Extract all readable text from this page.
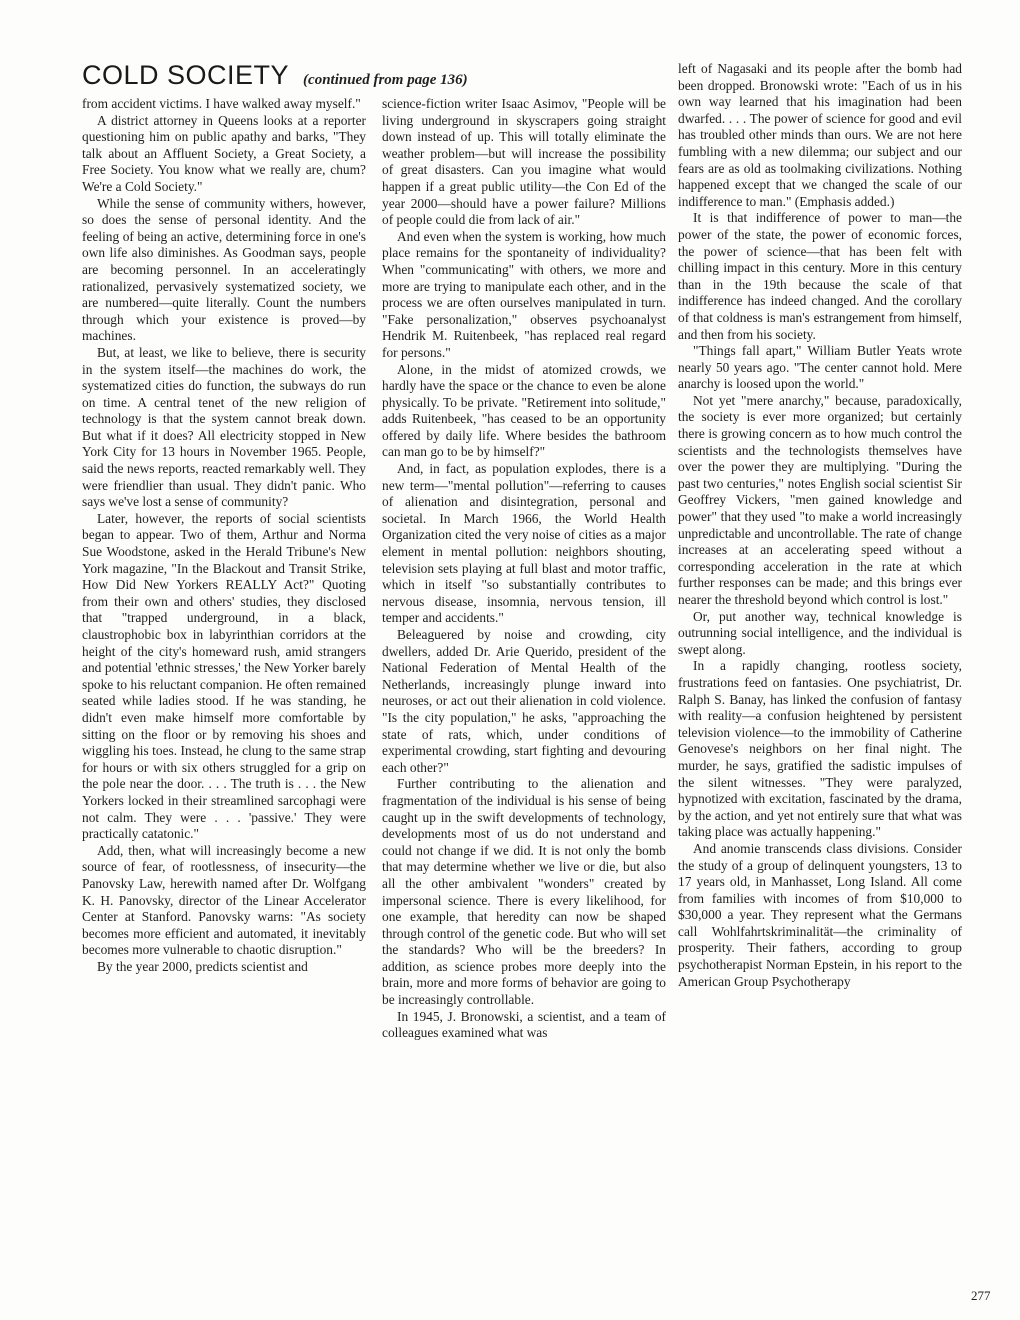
COLD SOCIETY (continued from page 136)

from accident victims. I have walked away myself."

A district attorney in Queens looks at a reporter questioning him on public apathy and barks, "They talk about an Affluent Society, a Great Society, a Free Society. You know what we really are, chum? We're a Cold Society."

While the sense of community withers, however, so does the sense of personal identity. And the feeling of being an active, determining force in one's own life also diminishes. As Goodman says, people are becoming personnel. In an acceleratingly rationalized, pervasively systematized society, we are numbered—quite literally. Count the numbers through which your existence is proved—by machines.

But, at least, we like to believe, there is security in the system itself—the machines do work, the systematized cities do function, the subways do run on time. A central tenet of the new religion of technology is that the system cannot break down. But what if it does? All electricity stopped in New York City for 13 hours in November 1965. People, said the news reports, reacted remarkably well. They were friendlier than usual. They didn't panic. Who says we've lost a sense of community?

Later, however, the reports of social scientists began to appear. Two of them, Arthur and Norma Sue Woodstone, asked in the Herald Tribune's New York magazine, "In the Blackout and Transit Strike, How Did New Yorkers REALLY Act?" Quoting from their own and others' studies, they disclosed that "trapped underground, in a black, claustrophobic box in labyrinthian corridors at the height of the city's homeward rush, amid strangers and potential 'ethnic stresses,' the New Yorker barely spoke to his reluctant companion. He often remained seated while ladies stood. If he was standing, he didn't even make himself more comfortable by sitting on the floor or by removing his shoes and wiggling his toes. Instead, he clung to the same strap for hours or with six others struggled for a grip on the pole near the door. . . . The truth is . . . the New Yorkers locked in their streamlined sarcophagi were not calm. They were . . . 'passive.' They were practically catatonic."

Add, then, what will increasingly become a new source of fear, of rootlessness, of insecurity—the Panovsky Law, herewith named after Dr. Wolfgang K. H. Panovsky, director of the Linear Accelerator Center at Stanford. Panovsky warns: "As society becomes more efficient and automated, it inevitably becomes more vulnerable to chaotic disruption."

By the year 2000, predicts scientist and

science-fiction writer Isaac Asimov, "People will be living underground in skyscrapers going straight down instead of up. This will totally eliminate the weather problem—but will increase the possibility of great disasters. Can you imagine what would happen if a great public utility—the Con Ed of the year 2000—should have a power failure? Millions of people could die from lack of air."

And even when the system is working, how much place remains for the spontaneity of individuality? When "communicating" with others, we more and more are trying to manipulate each other, and in the process we are often ourselves manipulated in turn. "Fake personalization," observes psychoanalyst Hendrik M. Ruitenbeek, "has replaced real regard for persons."

Alone, in the midst of atomized crowds, we hardly have the space or the chance to even be alone physically. To be private. "Retirement into solitude," adds Ruitenbeek, "has ceased to be an opportunity offered by daily life. Where besides the bathroom can man go to be by himself?"

And, in fact, as population explodes, there is a new term—"mental pollution"—referring to causes of alienation and disintegration, personal and societal. In March 1966, the World Health Organization cited the very noise of cities as a major element in mental pollution: neighbors shouting, television sets playing at full blast and motor traffic, which in itself "so substantially contributes to nervous disease, insomnia, nervous tension, ill temper and accidents."

Beleaguered by noise and crowding, city dwellers, added Dr. Arie Querido, president of the National Federation of Mental Health of the Netherlands, increasingly plunge inward into neuroses, or act out their alienation in cold violence. "Is the city population," he asks, "approaching the state of rats, which, under conditions of experimental crowding, start fighting and devouring each other?"

Further contributing to the alienation and fragmentation of the individual is his sense of being caught up in the swift developments of technology, developments most of us do not understand and could not change if we did. It is not only the bomb that may determine whether we live or die, but also all the other ambivalent "wonders" created by impersonal science. There is every likelihood, for one example, that heredity can now be shaped through control of the genetic code. But who will set the standards? Who will be the breeders? In addition, as science probes more deeply into the brain, more and more forms of behavior are going to be increasingly controllable.

In 1945, J. Bronowski, a scientist, and a team of colleagues examined what was

left of Nagasaki and its people after the bomb had been dropped. Bronowski wrote: "Each of us in his own way learned that his imagination had been dwarfed. . . . The power of science for good and evil has troubled other minds than ours. We are not here fumbling with a new dilemma; our subject and our fears are as old as toolmaking civilizations. Nothing happened except that we changed the scale of our indifference to man." (Emphasis added.)

It is that indifference of power to man—the power of the state, the power of economic forces, the power of science—that has been felt with chilling impact in this century. More in this century than in the 19th because the scale of that indifference has indeed changed. And the corollary of that coldness is man's estrangement from himself, and then from his society.

"Things fall apart," William Butler Yeats wrote nearly 50 years ago. "The center cannot hold. Mere anarchy is loosed upon the world."

Not yet "mere anarchy," because, paradoxically, the society is ever more organized; but certainly there is growing concern as to how much control the scientists and the technologists themselves have over the power they are multiplying. "During the past two centuries," notes English social scientist Sir Geoffrey Vickers, "men gained knowledge and power" that they used "to make a world increasingly unpredictable and uncontrollable. The rate of change increases at an accelerating speed without a corresponding acceleration in the rate at which further responses can be made; and this brings ever nearer the threshold beyond which control is lost."

Or, put another way, technical knowledge is outrunning social intelligence, and the individual is swept along.

In a rapidly changing, rootless society, frustrations feed on fantasies. One psychiatrist, Dr. Ralph S. Banay, has linked the confusion of fantasy with reality—a confusion heightened by persistent television violence—to the immobility of Catherine Genovese's neighbors on her final night. The murder, he says, gratified the sadistic impulses of the silent witnesses. "They were paralyzed, hypnotized with excitation, fascinated by the drama, by the action, and yet not entirely sure that what was taking place was actually happening."

And anomie transcends class divisions. Consider the study of a group of delinquent youngsters, 13 to 17 years old, in Manhasset, Long Island. All come from families with incomes of from $10,000 to $30,000 a year. They represent what the Germans call Wohlfahrtskriminalität—the criminality of prosperity. Their fathers, according to group psychotherapist Norman Epstein, in his report to the American Group Psychotherapy

277
